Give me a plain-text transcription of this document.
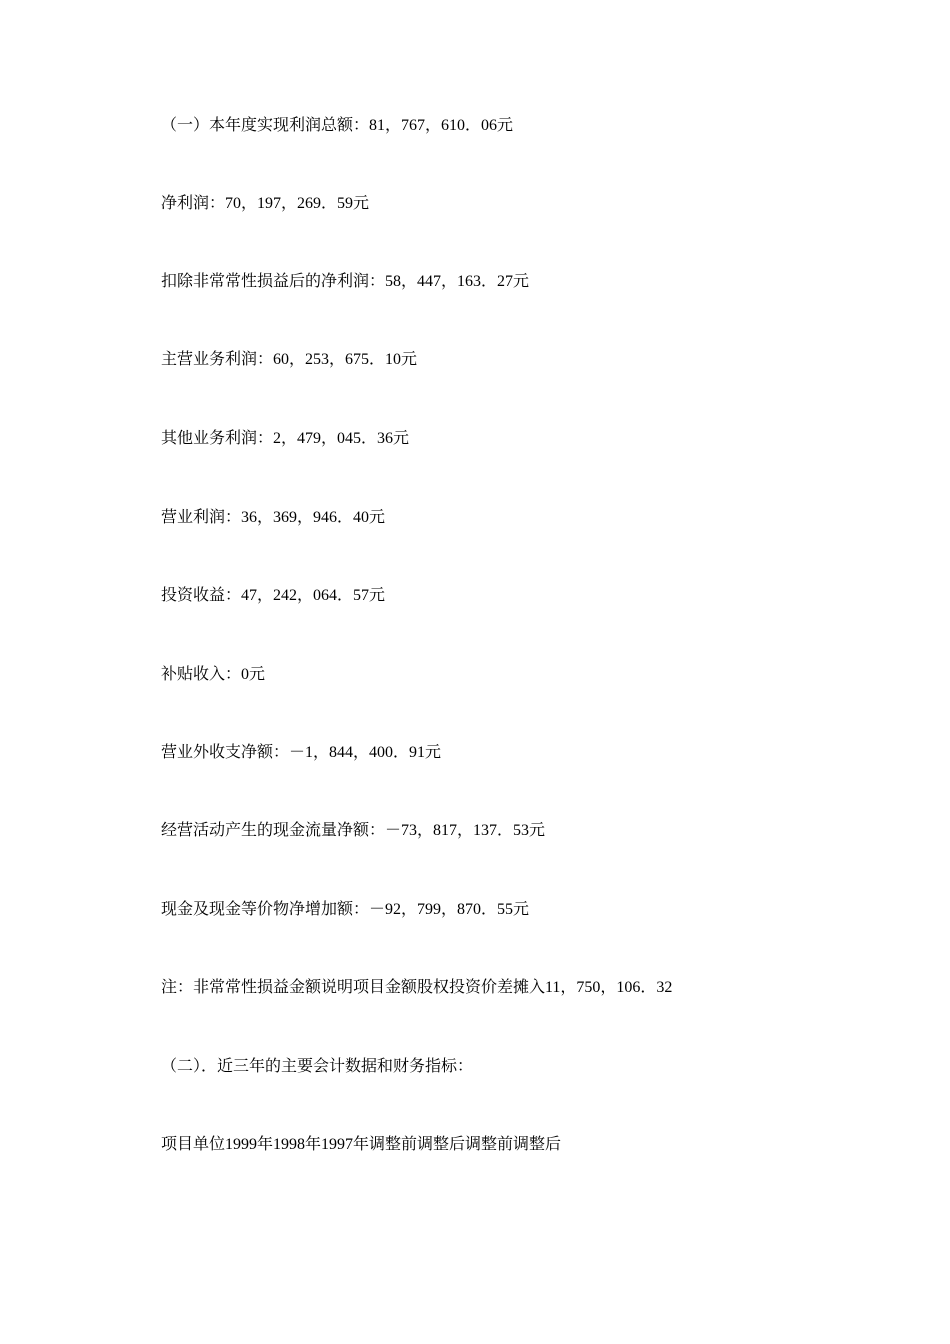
（一）本年度实现利润总额：81，767，610．06元
净利润：70，197，269．59元
扣除非常常性损益后的净利润：58，447，163．27元
主营业务利润：60，253，675．10元
其他业务利润：2，479，045．36元
营业利润：36，369，946．40元
投资收益：47，242，064．57元
补贴收入：0元
营业外收支净额：－1，844，400．91元
经营活动产生的现金流量净额：－73，817，137．53元
现金及现金等价物净增加额：－92，799，870．55元
注：非常常性损益金额说明项目金额股权投资价差摊入11，750，106．32
（二）．近三年的主要会计数据和财务指标：
项目单位1999年1998年1997年调整前调整后调整前调整后
